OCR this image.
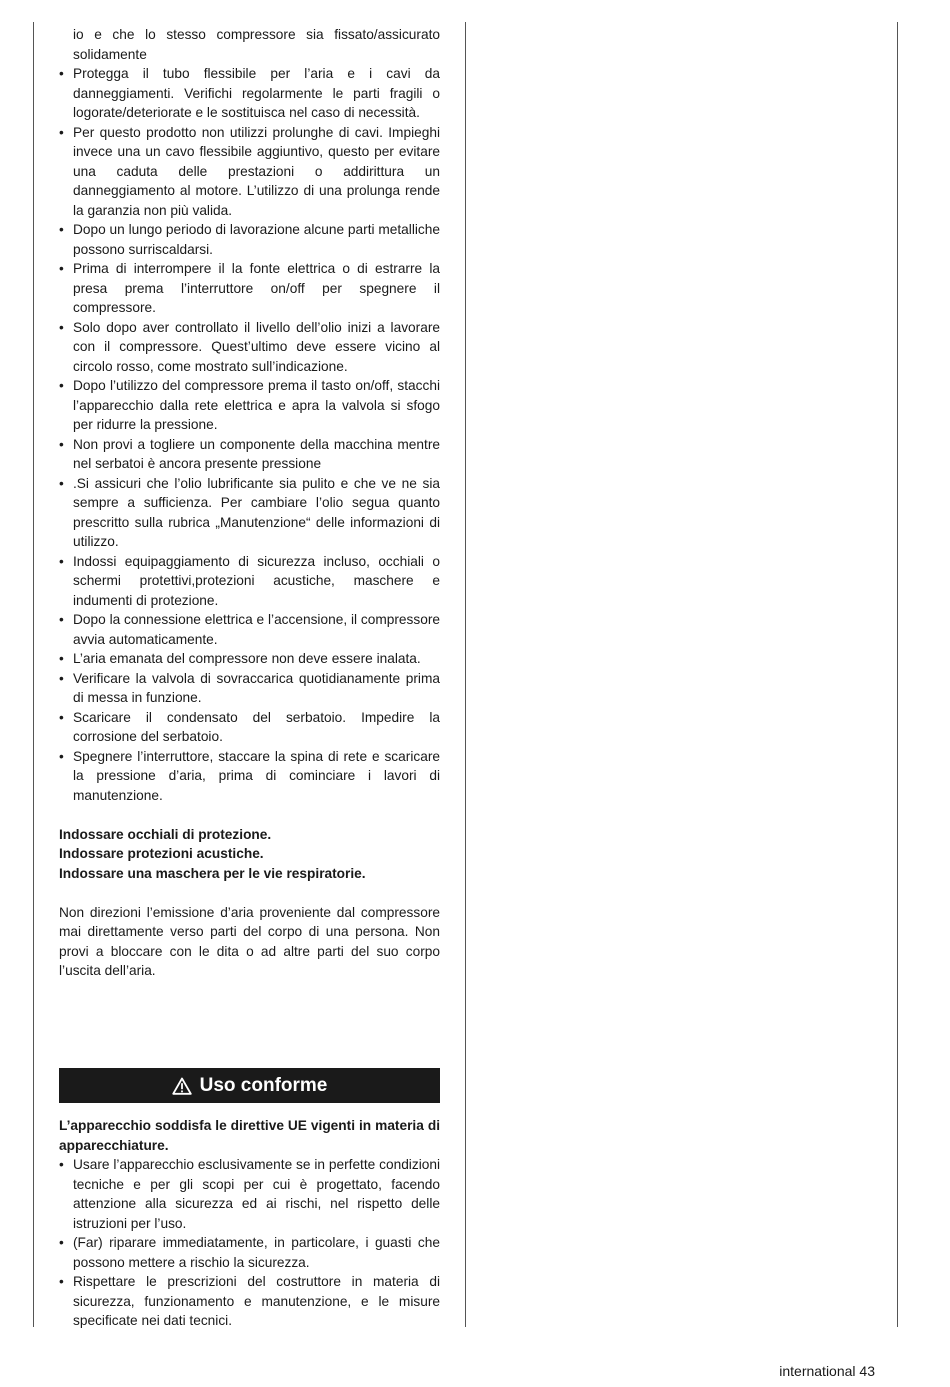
io e che lo stesso compressore sia fissato/assicurato solidamente
• Protegga il tubo flessibile per l’aria e i cavi da danneggiamenti. Verifichi regolarmente le parti fragili o logorate/deteriorate e le sostituisca nel caso di necessità.
• Per questo prodotto non utilizzi prolunghe di cavi. Impieghi invece una un cavo flessibile aggiuntivo, questo per evitare una caduta delle prestazioni o addirittura un danneggiamento al motore. L’utilizzo di una prolunga rende la garanzia non più valida.
• Dopo un lungo periodo di lavorazione alcune parti metalliche possono surriscaldarsi.
• Prima di interrompere il la fonte elettrica o di estrarre la presa prema l’interruttore on/off per spegnere il compressore.
• Solo dopo aver controllato il livello dell’olio inizi a lavorare con il compressore. Quest’ultimo deve essere vicino al circolo rosso, come mostrato sull’indicazione.
• Dopo l’utilizzo del compressore prema il tasto on/off, stacchi l’apparecchio dalla rete elettrica e apra la valvola si sfogo per ridurre la pressione.
• Non provi a togliere un componente della macchina mentre nel serbatoi è ancora presente pressione
• .Si assicuri che l’olio lubrificante sia pulito e che ve ne sia sempre a sufficienza. Per cambiare l’olio segua quanto prescritto sulla rubrica „Manutenzione“ delle informazioni di utilizzo.
• Indossi equipaggiamento di sicurezza incluso, occhiali o schermi protettivi,protezioni acustiche, maschere e indumenti di protezione.
• Dopo la connessione elettrica e l’accensione, il compressore avvia automaticamente.
• L’aria emanata del compressore non deve essere inalata.
• Verificare la valvola di sovraccarica quotidianamente prima di messa in funzione.
• Scaricare il condensato del serbatoio. Impedire la corrosione del serbatoio.
• Spegnere l’interruttore, staccare la spina di rete e scaricare la pressione d’aria, prima di cominciare i lavori di manutenzione.

Indossare occhiali di protezione.

Indossare protezioni acustiche.

Indossare una maschera per le vie respiratorie.

Non direzioni l’emissione d’aria proveniente dal compressore mai direttamente verso parti del corpo di una persona. Non provi a bloccare con le dita o ad altre parti del suo corpo l’uscita dell’aria.

Uso conforme

L’apparecchio soddisfa le direttive UE vigenti in materia di apparecchiature.

• Usare l’apparecchio esclusivamente se in perfette condizioni tecniche e per gli scopi per cui è progettato, facendo attenzione alla sicurezza ed ai rischi, nel rispetto delle istruzioni per l’uso.
• (Far) riparare immediatamente, in particolare, i guasti che possono mettere a rischio la sicurezza.
• Rispettare le prescrizioni del costruttore in materia di sicurezza, funzionamento e manutenzione, e le misure specificate nei dati tecnici.
international 43
